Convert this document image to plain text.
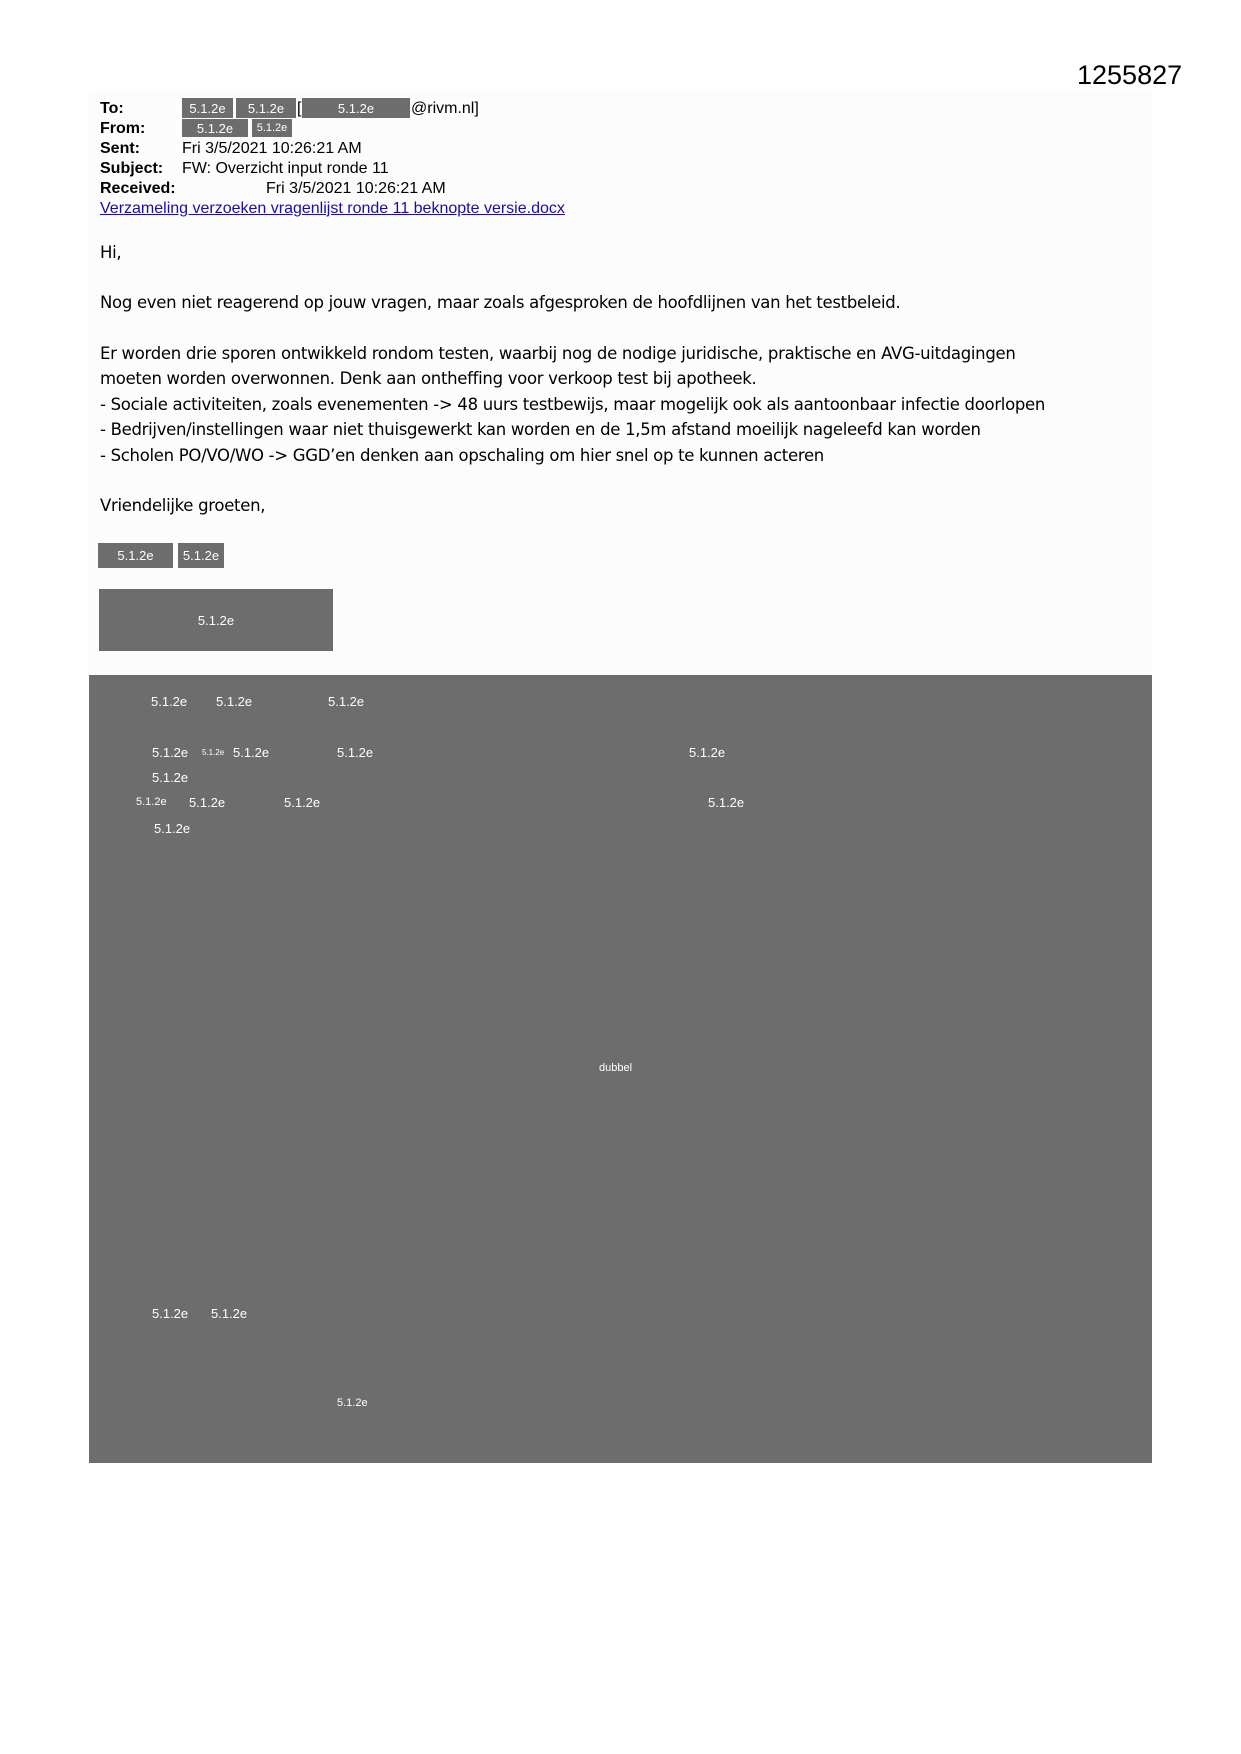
1255827
To:	5.1.2e	5.1.2e [	5.1.2e	@rivm.nl]
From:	5.1.2e	5.1.2e
Sent:	Fri 3/5/2021 10:26:21 AM
Subject: FW: Overzicht input ronde 11
Received:	Fri 3/5/2021 10:26:21 AM
Verzameling verzoeken vragenlijst ronde 11 beknopte versie.docx
Hi,
Nog even niet reagerend op jouw vragen, maar zoals afgesproken de hoofdlijnen van het testbeleid.
Er worden drie sporen ontwikkeld rondom testen, waarbij nog de nodige juridische, praktische en AVG-uitdagingen
moeten worden overwonnen. Denk aan ontheffing voor verkoop test bij apotheek.
- Sociale activiteiten, zoals evenementen -> 48 uurs testbewijs, maar mogelijk ook als aantoonbaar infectie doorlopen
- Bedrijven/instellingen waar niet thuisgewerkt kan worden en de 1,5m afstand moeilijk nageleefd kan worden
- Scholen PO/VO/WO -> GGD’en denken aan opschaling om hier snel op te kunnen acteren
Vriendelijke groeten,
5.1.2e	5.1.2e
5.1.2e
5.1.2e 5.1.2e	5.1.2e
5.1.2e 5.1.2e 5.1.2e	5.1.2e	5.1.2e
5.1.2e
5.1.2e 5.1.2e	5.1.2e	5.1.2e
5.1.2e
dubbel
5.1.2e 5.1.2e
5.1.2e
